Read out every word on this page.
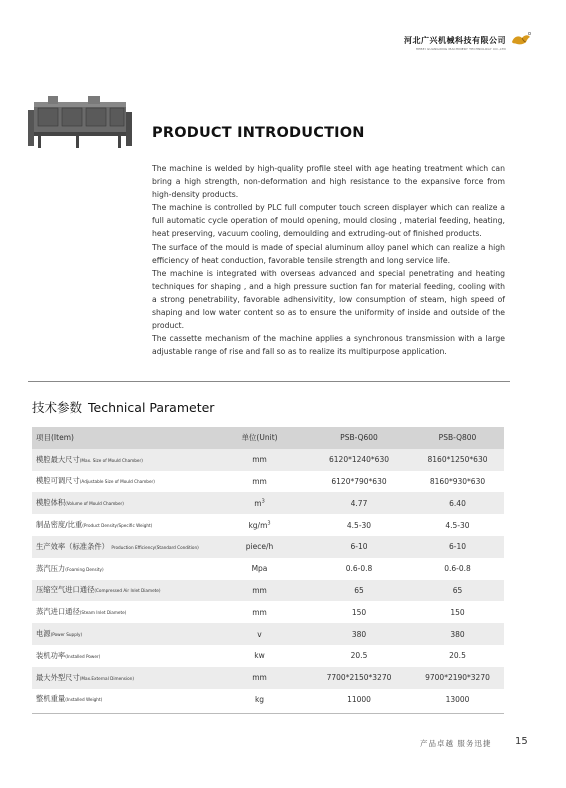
河北广兴机械科技有限公司
HEBEI GUANGXING MACHINERY TECHNOLOGY CO.,LTD
PRODUCT INTRODUCTION

The machine is welded by high-quality profile steel with age heating treatment which can bring a high strength, non-deformation and high resistance to the expansive force from high-density products.

The machine is controlled by PLC full computer touch screen displayer which can realize a full automatic cycle operation of mould opening, mould closing , material feeding, heating, heat preserving, vacuum cooling, demoulding and extruding-out of finished products.

The surface of the mould is made of special aluminum alloy panel which can realize a high efficiency of heat conduction, favorable tensile strength and long service life.

The machine is integrated with overseas advanced and special penetrating and heating techniques for shaping , and a high pressure suction fan for material feeding, cooling with a strong penetrability, favorable adhensivitity, low consumption of steam, high speed of shaping and low water content so as to ensure the uniformity of inside and outside of the product.

The cassette mechanism of the machine applies a synchronous transmission with a large adjustable range of rise and fall so as to realize its multipurpose application.

技术参数 Technical Parameter
项目(Item)	单位(Unit)	PSB-Q600	PSB-Q800
模腔最大尺寸(Max. Size of Mould Chamber)	mm	6120*1240*630	8160*1250*630
模腔可调尺寸(Adjustable Size of Mould Chamber)	mm	6120*790*630	8160*930*630
模腔体积(Volume of Mould Chamber)	$m^3$	4.77	6.40
制品密度/比重(Product Density/Specific Weight)	$kg/m^3$	4.5-30	4.5-30
生产效率（标准条件） Production Efficiency(Standard Condition)	piece/h	6-10	6-10
蒸汽压力(Foaming Density)	Mpa	0.6-0.8	0.6-0.8
压缩空气进口通径(Compressed Air Inlet Diamete)	mm	65	65
蒸汽进口通径(Steam Inlet Diamete)	mm	150	150
电源(Power Supply)	v	380	380
装机功率(Installed Power)	kw	20.5	20.5
最大外型尺寸(Max.External Dimension)	mm	7700*2150*3270	9700*2190*3270
整机重量(Installed Weight)	kg	11000	13000
产品卓越 服务迅捷 15
